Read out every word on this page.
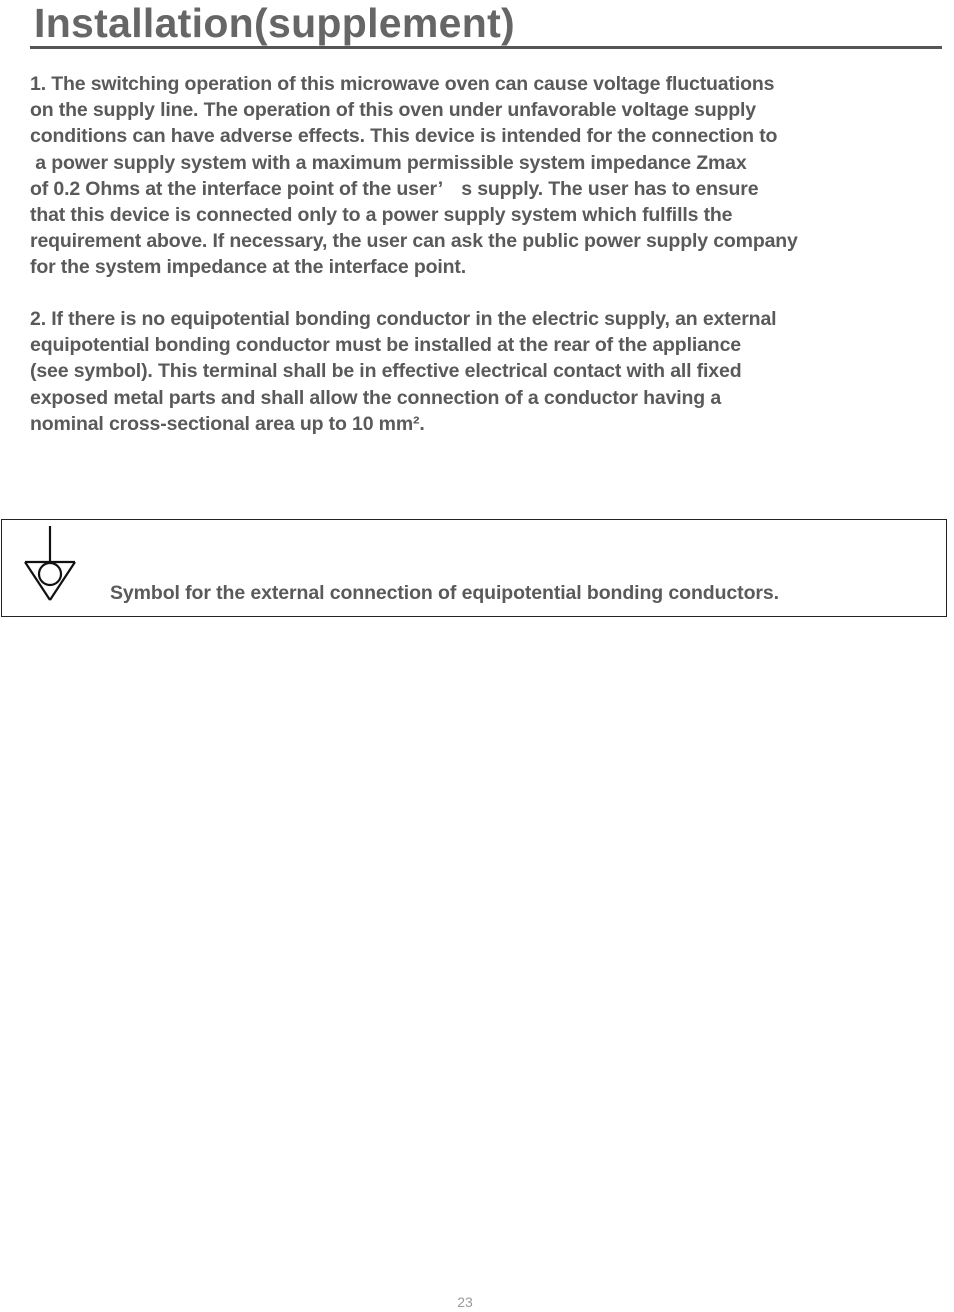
Installation(supplement)
1. The switching operation of this microwave oven can cause voltage fluctuations
on the supply line. The operation of this oven under unfavorable voltage supply
conditions can have adverse effects. This device is intended for the connection to
a power supply system with a maximum permissible system impedance Zmax
of 0.2 Ohms at the interface point of the user’　s supply. The user has to ensure
that this device is connected only to a power supply system which fulfills the
requirement above. If necessary, the user can ask the public power supply company
for the system impedance at the interface point.
2. If there is no equipotential bonding conductor in the electric supply, an external
equipotential bonding conductor must be installed at the rear of the appliance
(see symbol). This terminal shall be in effective electrical contact with all fixed
exposed metal parts and shall allow the connection of a conductor having a
nominal cross-sectional area up to 10 mm².
Symbol for the external connection of equipotential bonding conductors.
23
